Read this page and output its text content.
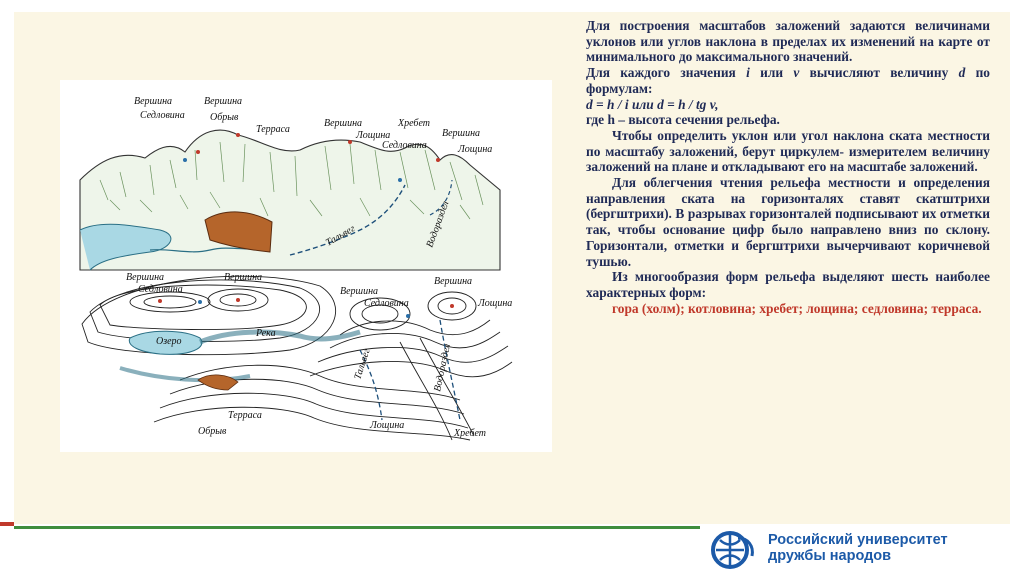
Вершина
Седловина
Вершина
Обрыв
Терраса
Вершина
Лощина
Хребет
Седловина
Вершина
Лощина
Тальвег	Водораздел
Вершина
Седловина
Вершина
Вершина
Седловина
Вершина
Лощина
Озеро
Река
Тальвег	Водораздел
Терраса
Обрыв
Лощина
Хребет

Для построения масштабов заложений задаются величинами уклонов или углов наклона в пределах их изменений на карте от минимального до максимального значений.

Для каждого значения i или v вычисляют величину d по формулам:

d = h / i или d = h / tg v,

где h – высота сечения рельефа.

Чтобы определить уклон или угол наклона ската местности по масштабу заложений, берут циркулем- измерителем величину заложений на плане и откладывают его на масштабе заложений.

Для облегчения чтения рельефа местности и определения направления ската на горизонталях ставят скатштрихи (бергштрихи). В разрывах горизонталей подписывают их отметки так, чтобы основание цифр было направлено вниз по склону. Горизонтали, отметки и бергштрихи вычерчивают коричневой тушью.

Из многообразия форм рельефа выделяют шесть наиболее характерных форм:

гора (холм); котловина; хребет; лощина; седловина; терраса.

Российский университет
дружбы народов
